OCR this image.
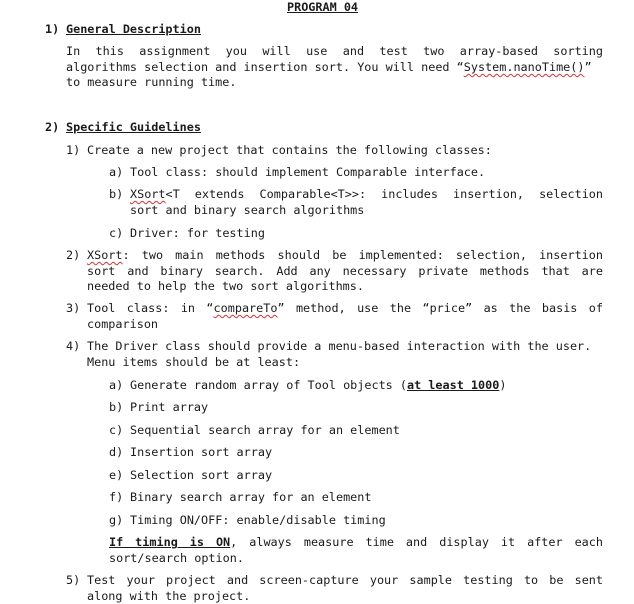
PROGRAM 04
1) General Description
In this assignment you will use and test two array-based sorting
algorithms selection and insertion sort. You will need “System.nanoTime()”
to measure running time.
2) Specific Guidelines
1) Create a new project that contains the following classes:
a) Tool class: should implement Comparable interface.
b) XSort<T extends Comparable<T>>: includes insertion, selection
sort and binary search algorithms
c) Driver: for testing
2) XSort: two main methods should be implemented: selection, insertion
sort and binary search. Add any necessary private methods that are
needed to help the two sort algorithms.
3) Tool class: in “compareTo” method, use the “price” as the basis of
comparison
4) The Driver class should provide a menu-based interaction with the user.
Menu items should be at least:
a) Generate random array of Tool objects (at least 1000)
b) Print array
c) Sequential search array for an element
d) Insertion sort array
e) Selection sort array
f) Binary search array for an element
g) Timing ON/OFF: enable/disable timing
If timing is ON, always measure time and display it after each
sort/search option.
5) Test your project and screen-capture your sample testing to be sent
along with the project.
